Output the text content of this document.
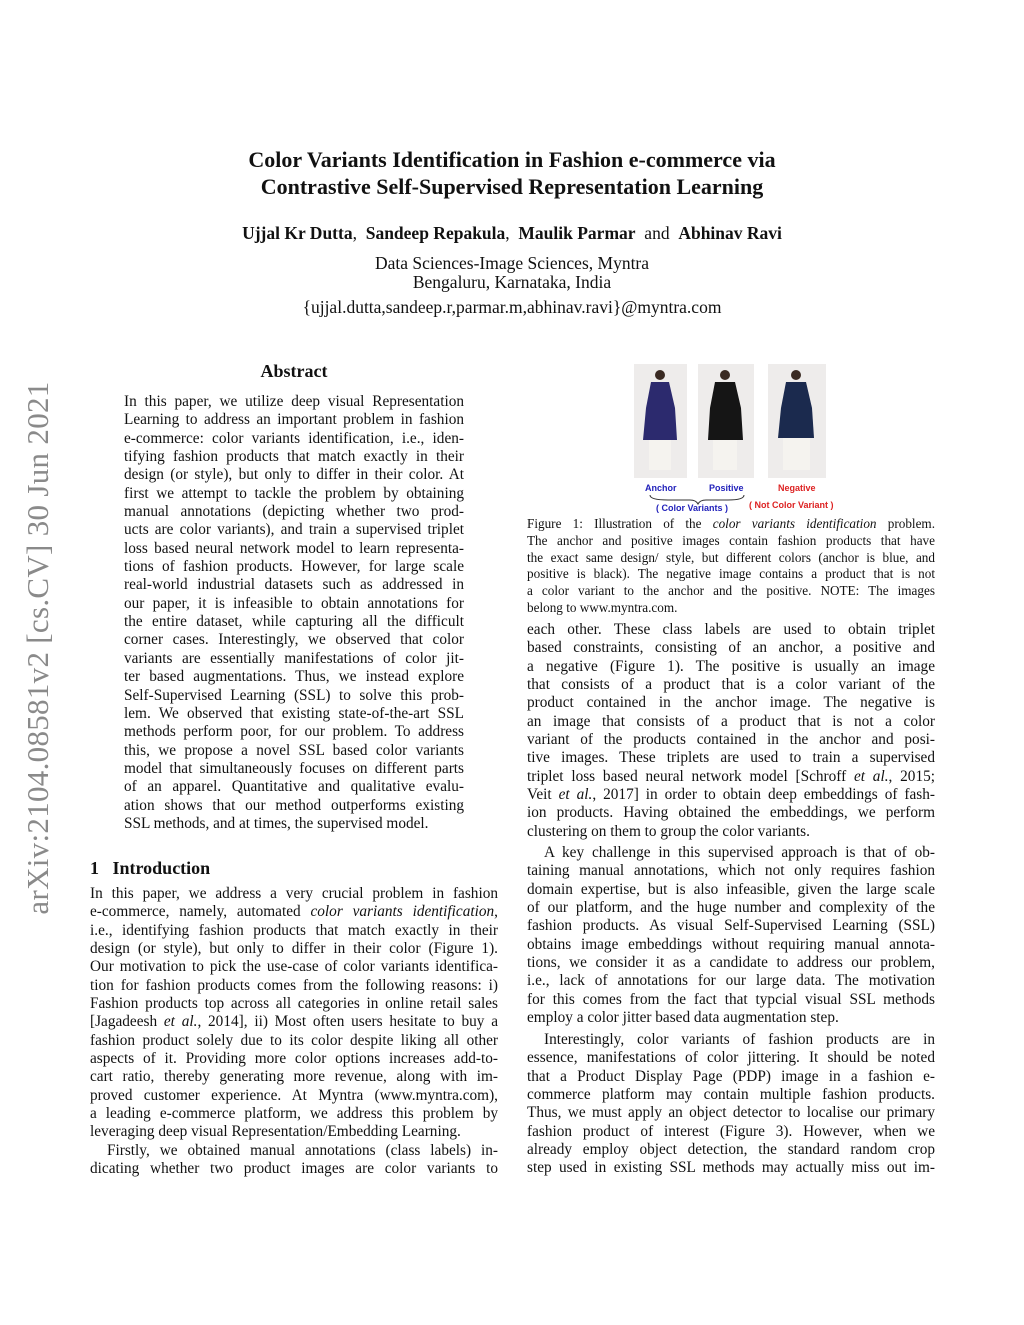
arXiv:2104.08581v2 [cs.CV] 30 Jun 2021
Color Variants Identification in Fashion e-commerce via
Contrastive Self-Supervised Representation Learning
Ujjal Kr Dutta, Sandeep Repakula, Maulik Parmar and Abhinav Ravi
Data Sciences-Image Sciences, Myntra
Bengaluru, Karnataka, India
{ujjal.dutta,sandeep.r,parmar.m,abhinav.ravi}@myntra.com
Abstract
In this paper, we utilize deep visual Representation
Learning to address an important problem in fashion
e-commerce: color variants identification, i.e., iden-
tifying fashion products that match exactly in their
design (or style), but only to differ in their color. At
first we attempt to tackle the problem by obtaining
manual annotations (depicting whether two prod-
ucts are color variants), and train a supervised triplet
loss based neural network model to learn representa-
tions of fashion products. However, for large scale
real-world industrial datasets such as addressed in
our paper, it is infeasible to obtain annotations for
the entire dataset, while capturing all the difficult
corner cases. Interestingly, we observed that color
variants are essentially manifestations of color jit-
ter based augmentations. Thus, we instead explore
Self-Supervised Learning (SSL) to solve this prob-
lem. We observed that existing state-of-the-art SSL
methods perform poor, for our problem. To address
this, we propose a novel SSL based color variants
model that simultaneously focuses on different parts
of an apparel. Quantitative and qualitative evalu-
ation shows that our method outperforms existing
SSL methods, and at times, the supervised model.
1 Introduction
In this paper, we address a very crucial problem in fashion
e-commerce, namely, automated color variants identification,
i.e., identifying fashion products that match exactly in their
design (or style), but only to differ in their color (Figure 1).
Our motivation to pick the use-case of color variants identifica-
tion for fashion products comes from the following reasons: i)
Fashion products top across all categories in online retail sales
[Jagadeesh et al., 2014], ii) Most often users hesitate to buy a
fashion product solely due to its color despite liking all other
aspects of it. Providing more color options increases add-to-
cart ratio, thereby generating more revenue, along with im-
proved customer experience. At Myntra (www.myntra.com),
a leading e-commerce platform, we address this problem by
leveraging deep visual Representation/Embedding Learning.
Firstly, we obtained manual annotations (class labels) in-
dicating whether two product images are color variants to
Anchor	Positive	Negative
( Color Variants ) ( Not Color Variant )
Figure 1: Illustration of the color variants identification problem.
The anchor and positive images contain fashion products that have
the exact same design/ style, but different colors (anchor is blue, and
positive is black). The negative image contains a product that is not
a color variant to the anchor and the positive. NOTE: The images
belong to www.myntra.com.
each other. These class labels are used to obtain triplet
based constraints, consisting of an anchor, a positive and
a negative (Figure 1). The positive is usually an image
that consists of a product that is a color variant of the
product contained in the anchor image. The negative is
an image that consists of a product that is not a color
variant of the products contained in the anchor and posi-
tive images. These triplets are used to train a supervised
triplet loss based neural network model [Schroff et al., 2015;
Veit et al., 2017] in order to obtain deep embeddings of fash-
ion products. Having obtained the embeddings, we perform
clustering on them to group the color variants.
A key challenge in this supervised approach is that of ob-
taining manual annotations, which not only requires fashion
domain expertise, but is also infeasible, given the large scale
of our platform, and the huge number and complexity of the
fashion products. As visual Self-Supervised Learning (SSL)
obtains image embeddings without requiring manual annota-
tions, we consider it as a candidate to address our problem,
i.e., lack of annotations for our large data. The motivation
for this comes from the fact that typcial visual SSL methods
employ a color jitter based data augmentation step.
Interestingly, color variants of fashion products are in
essence, manifestations of color jittering. It should be noted
that a Product Display Page (PDP) image in a fashion e-
commerce platform may contain multiple fashion products.
Thus, we must apply an object detector to localise our primary
fashion product of interest (Figure 3). However, when we
already employ object detection, the standard random crop
step used in existing SSL methods may actually miss out im-
